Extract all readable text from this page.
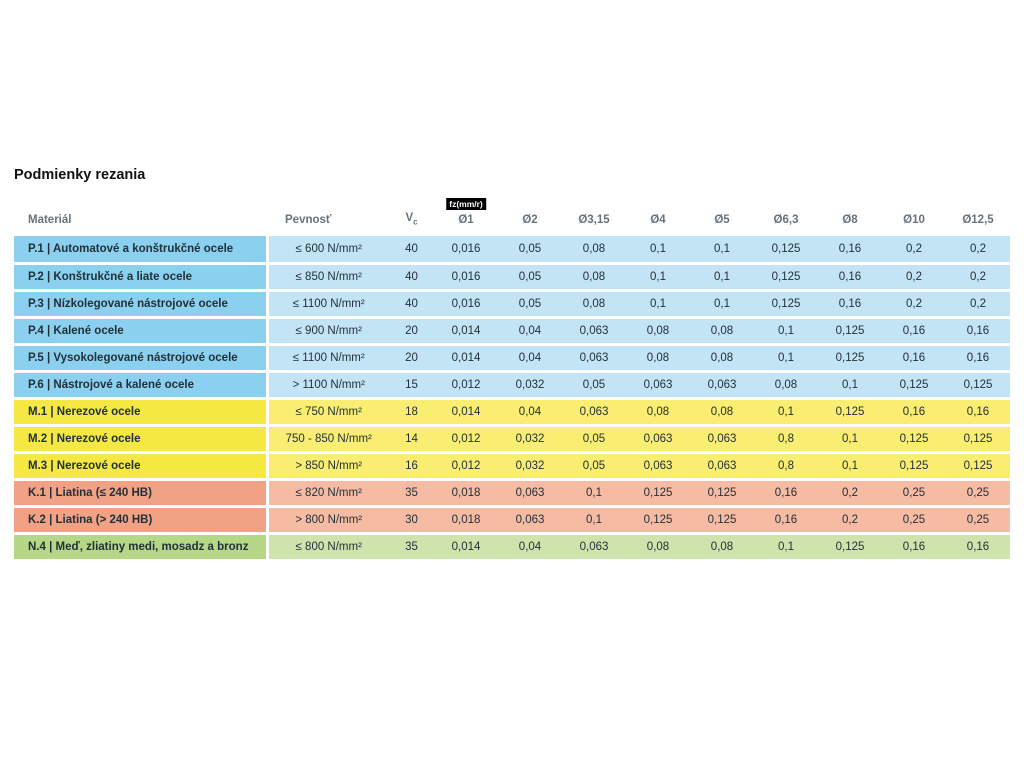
Podmienky rezania
Materiál	Pevnosť	$V_c$	fz(mm/r)
Ø1	Ø2	Ø3,15	Ø4	Ø5	Ø6,3	Ø8	Ø10	Ø12,5
P.1 | Automatové a konštrukčné ocele	≤ 600 N/mm²	40	0,016	0,05	0,08	0,1	0,1	0,125	0,16	0,2	0,2
P.2 | Konštrukčné a liate ocele	≤ 850 N/mm²	40	0,016	0,05	0,08	0,1	0,1	0,125	0,16	0,2	0,2
P.3 | Nízkolegované nástrojové ocele	≤ 1100 N/mm²	40	0,016	0,05	0,08	0,1	0,1	0,125	0,16	0,2	0,2
P.4 | Kalené ocele	≤ 900 N/mm²	20	0,014	0,04	0,063	0,08	0,08	0,1	0,125	0,16	0,16
P.5 | Vysokolegované nástrojové ocele	≤ 1100 N/mm²	20	0,014	0,04	0,063	0,08	0,08	0,1	0,125	0,16	0,16
P.6 | Nástrojové a kalené ocele	> 1100 N/mm²	15	0,012	0,032	0,05	0,063	0,063	0,08	0,1	0,125	0,125
M.1 | Nerezové ocele	≤ 750 N/mm²	18	0,014	0,04	0,063	0,08	0,08	0,1	0,125	0,16	0,16
M.2 | Nerezové ocele	750 - 850 N/mm²	14	0,012	0,032	0,05	0,063	0,063	0,8	0,1	0,125	0,125
M.3 | Nerezové ocele	> 850 N/mm²	16	0,012	0,032	0,05	0,063	0,063	0,8	0,1	0,125	0,125
K.1 | Liatina (≤ 240 HB)	≤ 820 N/mm²	35	0,018	0,063	0,1	0,125	0,125	0,16	0,2	0,25	0,25
K.2 | Liatina (> 240 HB)	> 800 N/mm²	30	0,018	0,063	0,1	0,125	0,125	0,16	0,2	0,25	0,25
N.4 | Meď, zliatiny medi, mosadz a bronz	≤ 800 N/mm²	35	0,014	0,04	0,063	0,08	0,08	0,1	0,125	0,16	0,16
